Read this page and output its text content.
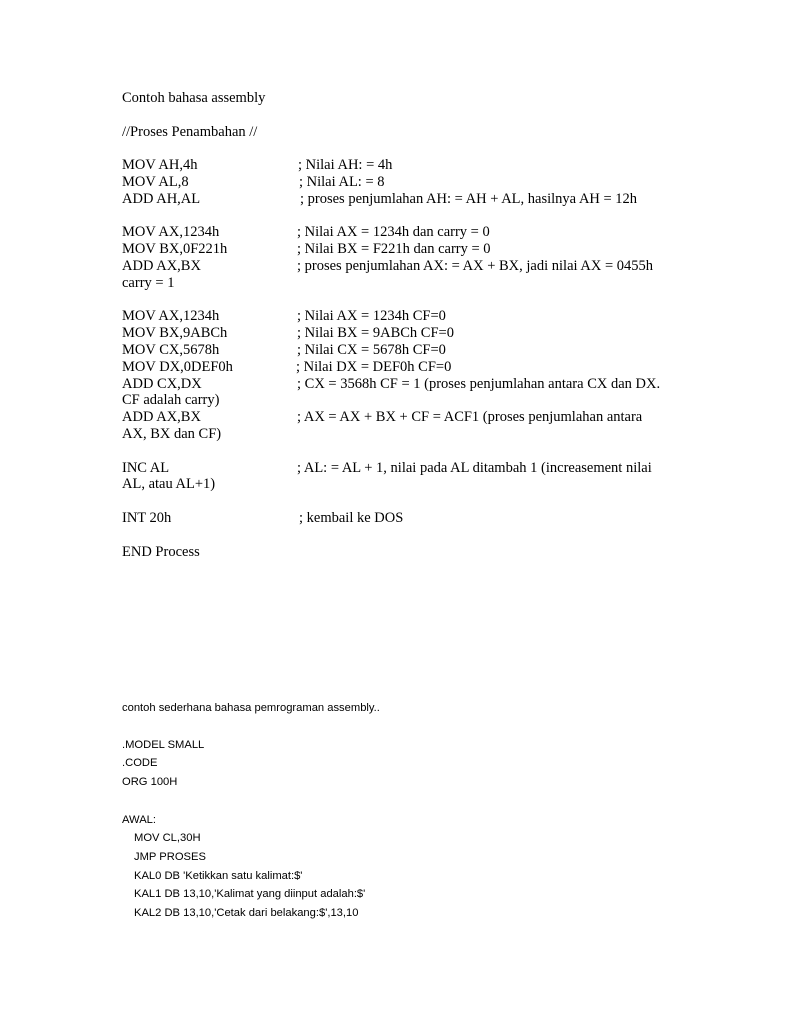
Contoh bahasa assembly
//Proses Penambahan //
MOV AH,4h	; Nilai AH: = 4h
MOV AL,8	; Nilai AL: = 8
ADD AH,AL	; proses penjumlahan AH: = AH + AL, hasilnya AH = 12h
MOV AX,1234h	; Nilai AX = 1234h dan carry = 0
MOV BX,0F221h	; Nilai BX = F221h dan carry = 0
ADD AX,BX	; proses penjumlahan AX: = AX + BX, jadi nilai AX = 0455h
carry = 1
MOV AX,1234h	; Nilai AX = 1234h CF=0
MOV BX,9ABCh	; Nilai BX = 9ABCh CF=0
MOV CX,5678h	; Nilai CX = 5678h CF=0
MOV DX,0DEF0h	; Nilai DX = DEF0h CF=0
ADD CX,DX	; CX = 3568h CF = 1 (proses penjumlahan antara CX dan DX.
CF adalah carry)
ADD AX,BX	; AX = AX + BX + CF = ACF1 (proses penjumlahan antara
AX, BX dan CF)
INC AL	; AL: = AL + 1, nilai pada AL ditambah 1 (increasement nilai
AL, atau AL+1)
INT 20h	; kembail ke DOS
END Process
contoh sederhana bahasa pemrograman assembly..
.MODEL SMALL
.CODE
ORG 100H
AWAL:
MOV CL,30H
JMP PROSES
KAL0 DB 'Ketikkan satu kalimat:$'
KAL1 DB 13,10,'Kalimat yang diinput adalah:$'
KAL2 DB 13,10,'Cetak dari belakang:$',13,10
